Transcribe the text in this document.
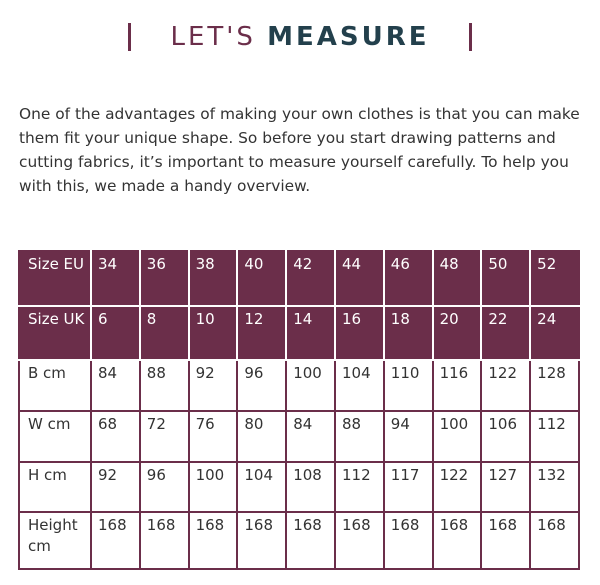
LET'S MEASURE

One of the advantages of making your own clothes is that you can make them fit your unique shape. So before you start drawing patterns and cutting fabrics, it’s important to measure yourself carefully. To help you with this, we made a handy overview.

Size EU	34	36	38	40	42	44	46	48	50	52
Size UK	6	8	10	12	14	16	18	20	22	24
B cm	84	88	92	96	100	104	110	116	122	128
W cm	68	72	76	80	84	88	94	100	106	112
H cm	92	96	100	104	108	112	117	122	127	132
Height cm	168	168	168	168	168	168	168	168	168	168
